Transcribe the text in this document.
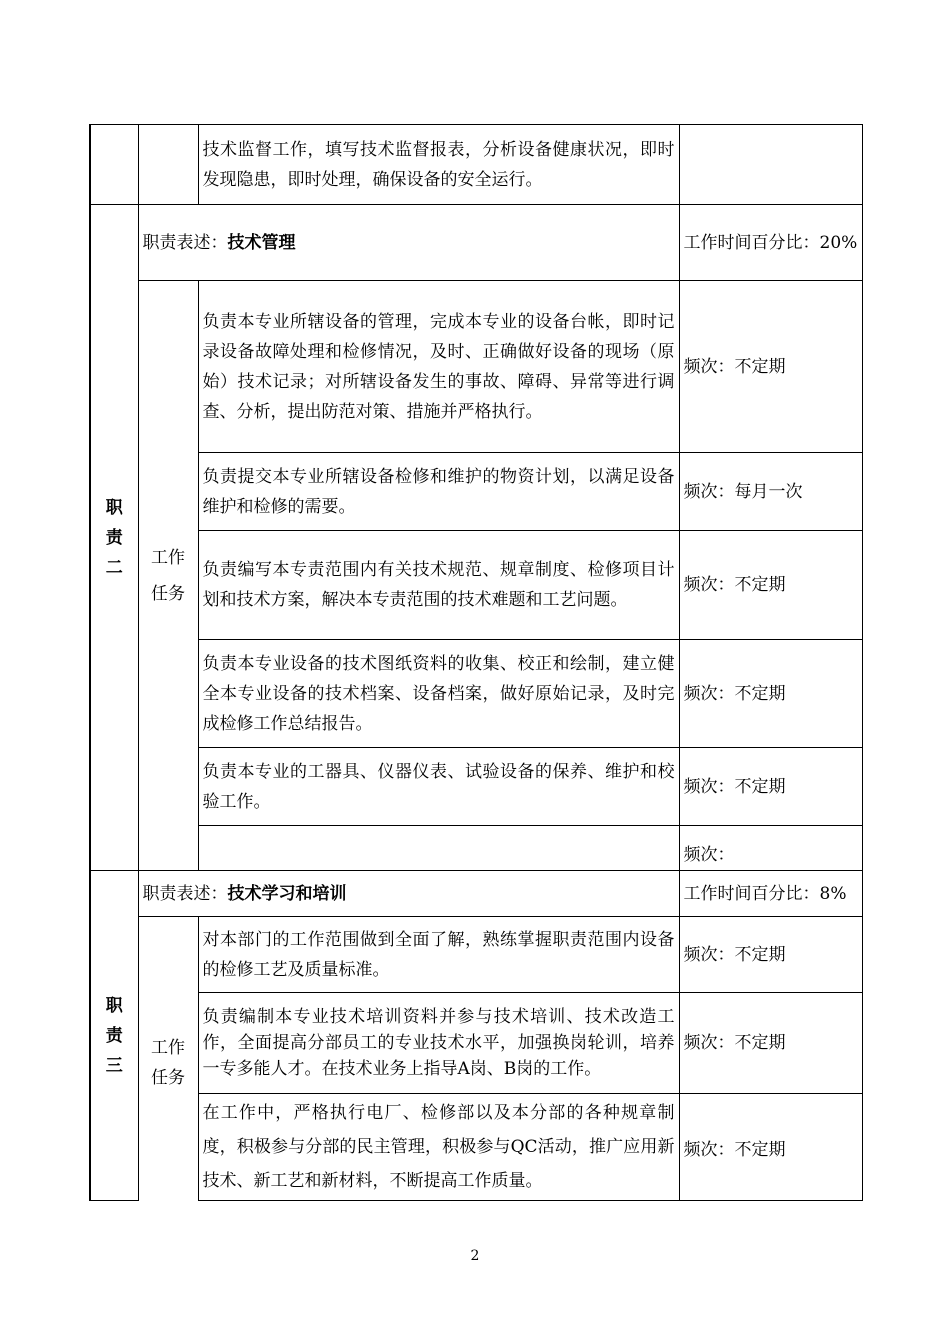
		技术监督工作，填写技术监督报表，分析设备健康状况，即时发现隐患，即时处理，确保设备的安全运行。	
职
责
二	职责表述：技术管理		工作时间百分比：20%
	工作
任务	负责本专业所辖设备的管理，完成本专业的设备台帐，即时记录设备故障处理和检修情况，及时、正确做好设备的现场（原始）技术记录；对所辖设备发生的事故、障碍、异常等进行调查、分析，提出防范对策、措施并严格执行。	频次：不定期
		负责提交本专业所辖设备检修和维护的物资计划，以满足设备维护和检修的需要。	频次：每月一次
		负责编写本专责范围内有关技术规范、规章制度、检修项目计划和技术方案，解决本专责范围的技术难题和工艺问题。	频次：不定期
		负责本专业设备的技术图纸资料的收集、校正和绘制，建立健全本专业设备的技术档案、设备档案，做好原始记录，及时完成检修工作总结报告。	频次：不定期
		负责本专业的工器具、仪器仪表、试验设备的保养、维护和校验工作。	频次：不定期
			频次：
职
责
三	职责表述：技术学习和培训		工作时间百分比：8%
	工作
任务	对本部门的工作范围做到全面了解，熟练掌握职责范围内设备的检修工艺及质量标准。	频次：不定期
		负责编制本专业技术培训资料并参与技术培训、技术改造工作，全面提高分部员工的专业技术水平，加强换岗轮训，培养一专多能人才。在技术业务上指导A岗、B岗的工作。	频次：不定期
		在工作中，严格执行电厂、检修部以及本分部的各种规章制度，积极参与分部的民主管理，积极参与QC活动，推广应用新技术、新工艺和新材料，不断提高工作质量。	频次：不定期
2
